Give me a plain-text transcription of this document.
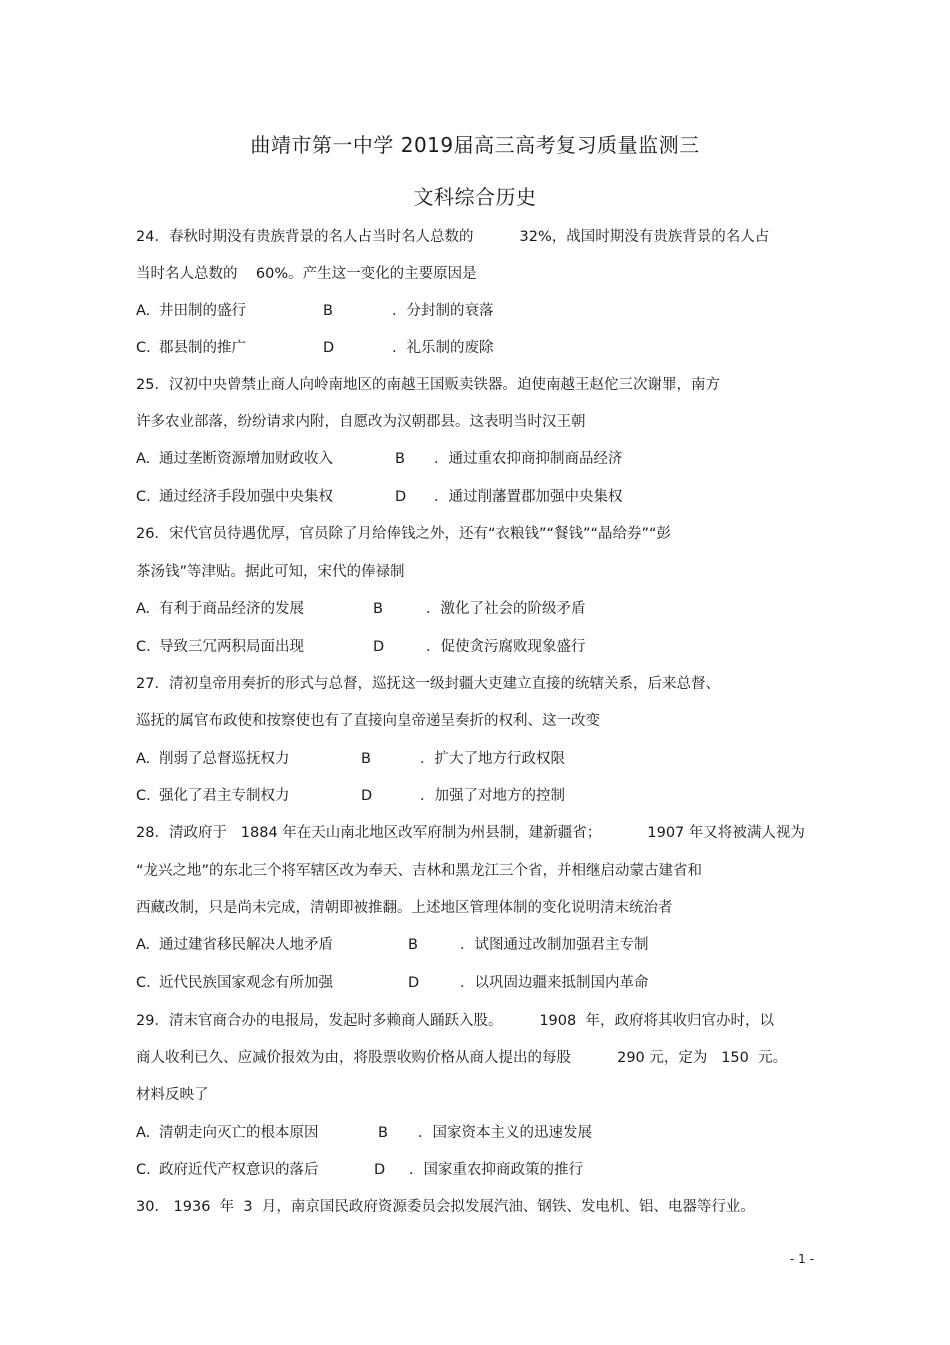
曲靖市第一中学 2019届高三高考复习质量监测三
文科综合历史
24．春秋时期没有贵族背景的名人占当时名人总数的          32%，战国时期没有贵族背景的名人占
当时名人总数的    60%。产生这一变化的主要原因是
A. 井田制的盛行	B	．分封制的衰落
C. 郡县制的推广	D	．礼乐制的废除
25．汉初中央曾禁止商人向岭南地区的南越王国贩卖铁器。迫使南越王赵佗三次谢罪，南方
许多农业部落，纷纷请求内附，自愿改为汉朝郡县。这表明当时汉王朝
A. 通过垄断资源增加财政收入	B ．通过重农抑商抑制商品经济
C. 通过经济手段加强中央集权	D ．通过削藩置郡加强中央集权
26．宋代官员待遇优厚，官员除了月给俸钱之外，还有“衣粮钱”“餐钱”“晶给券”“彭
茶汤钱”等津贴。据此可知，宋代的俸禄制
A. 有利于商品经济的发展	B	．激化了社会的阶级矛盾
C. 导致三冗两积局面出现	D	．促使贪污腐败现象盛行
27．清初皇帝用奏折的形式与总督，巡抚这一级封疆大吏建立直接的统辖关系，后来总督、
巡抚的属官布政使和按察使也有了直接向皇帝递呈奏折的权利、这一改变
A. 削弱了总督巡抚权力	B	．扩大了地方行政权限
C. 强化了君主专制权力	D	．加强了对地方的控制
28．清政府于   1884 年在天山南北地区改军府制为州县制，建新疆省；          1907 年又将被满人视为
“龙兴之地”的东北三个将军辖区改为奉天、吉林和黑龙江三个省，并相继启动蒙古建省和
西藏改制，只是尚未完成，清朝即被推翻。上述地区管理体制的变化说明清末统治者
A. 通过建省移民解决人地矛盾	B	．试图通过改制加强君主专制
C. 近代民族国家观念有所加强	D	．以巩固边疆来抵制国内革命
29．清末官商合办的电报局，发起时多赖商人踊跃入股。        1908  年，政府将其收归官办时，以
商人收利已久、应减价报效为由，将股票收购价格从商人提出的每股          290 元，定为   150  元。
材料反映了
A. 清朝走向灭亡的根本原因	B ．国家资本主义的迅速发展
C. 政府近代产权意识的落后	D ．国家重农抑商政策的推行
30． 1936  年  3  月，南京国民政府资源委员会拟发展汽油、钢铁、发电机、铝、电器等行业。
- 1 -
